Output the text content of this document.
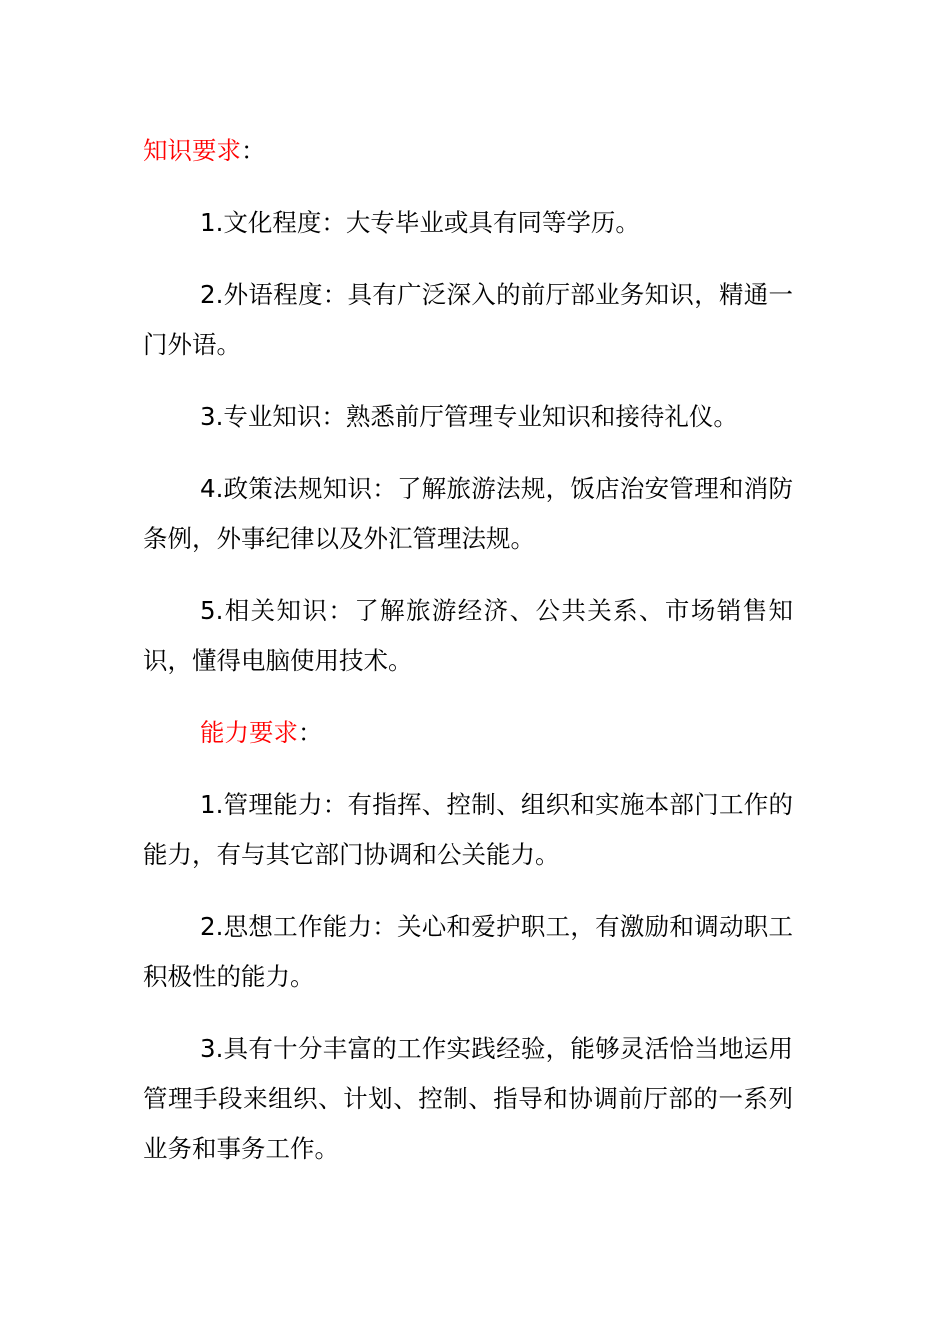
知识要求：

1.文化程度：大专毕业或具有同等学历。

2.外语程度：具有广泛深入的前厅部业务知识，精通一门外语。

3.专业知识：熟悉前厅管理专业知识和接待礼仪。

4.政策法规知识：了解旅游法规，饭店治安管理和消防条例，外事纪律以及外汇管理法规。

5.相关知识：了解旅游经济、公共关系、市场销售知识，懂得电脑使用技术。

能力要求：

1.管理能力：有指挥、控制、组织和实施本部门工作的能力，有与其它部门协调和公关能力。

2.思想工作能力：关心和爱护职工，有激励和调动职工积极性的能力。

3.具有十分丰富的工作实践经验，能够灵活恰当地运用管理手段来组织、计划、控制、指导和协调前厅部的一系列业务和事务工作。
